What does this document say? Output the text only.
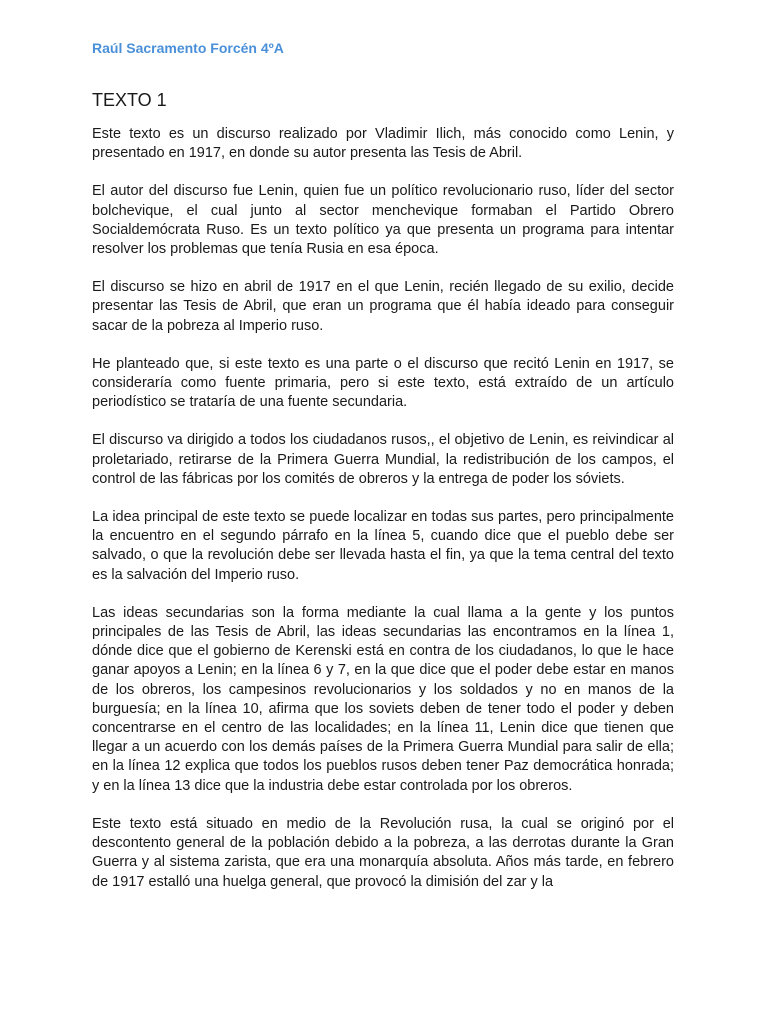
Raúl Sacramento Forcén 4ºA

TEXTO 1

Este texto es un discurso realizado por Vladimir Ilich, más conocido como Lenin, y presentado en 1917, en donde su autor presenta las Tesis de Abril.

El autor del discurso fue Lenin, quien fue un político revolucionario ruso, líder del sector bolchevique, el cual junto al sector menchevique formaban el Partido Obrero Socialdemócrata Ruso. Es un texto político ya que presenta un programa para intentar resolver los problemas que tenía Rusia en esa época.

El discurso se hizo en abril de 1917 en el que Lenin, recién llegado de su exilio, decide presentar las Tesis de Abril, que eran un programa que él había ideado para conseguir sacar de la pobreza al Imperio ruso.

He planteado que, si este texto es una parte o el discurso que recitó Lenin en 1917, se consideraría como fuente primaria, pero si este texto, está extraído de un artículo periodístico se trataría de una fuente secundaria.

El discurso va dirigido a todos los ciudadanos rusos,, el objetivo de Lenin, es reivindicar al proletariado, retirarse de la Primera Guerra Mundial, la redistribución de los campos, el control de las fábricas por los comités de obreros y la entrega de poder los sóviets.

La idea principal de este texto se puede localizar en todas sus partes, pero principalmente la encuentro en el segundo párrafo en la línea 5, cuando dice que el pueblo debe ser salvado, o que la revolución debe ser llevada hasta el fin, ya que la tema central del texto es la salvación del Imperio ruso.

Las ideas secundarias son la forma mediante la cual llama a la gente y los puntos principales de las Tesis de Abril, las ideas secundarias las encontramos en la línea 1, dónde dice que el gobierno de Kerenski está en contra de los ciudadanos, lo que le hace ganar apoyos a Lenin; en la línea 6 y 7, en la que dice que el poder debe estar en manos de los obreros, los campesinos revolucionarios y los soldados y no en manos de la burguesía; en la línea 10, afirma que los soviets deben de tener todo el poder y deben concentrarse en el centro de las localidades; en la línea 11, Lenin dice que tienen que llegar a un acuerdo con los demás países de la Primera Guerra Mundial para salir de ella; en la línea 12 explica que todos los pueblos rusos deben tener Paz democrática honrada; y en la línea 13 dice que la industria debe estar controlada por los obreros.

Este texto está situado en medio de la Revolución rusa, la cual se originó por el descontento general de la población debido a la pobreza, a las derrotas durante la Gran Guerra y al sistema zarista, que era una monarquía absoluta. Años más tarde, en febrero de 1917 estalló una huelga general, que provocó la dimisión del zar y la
